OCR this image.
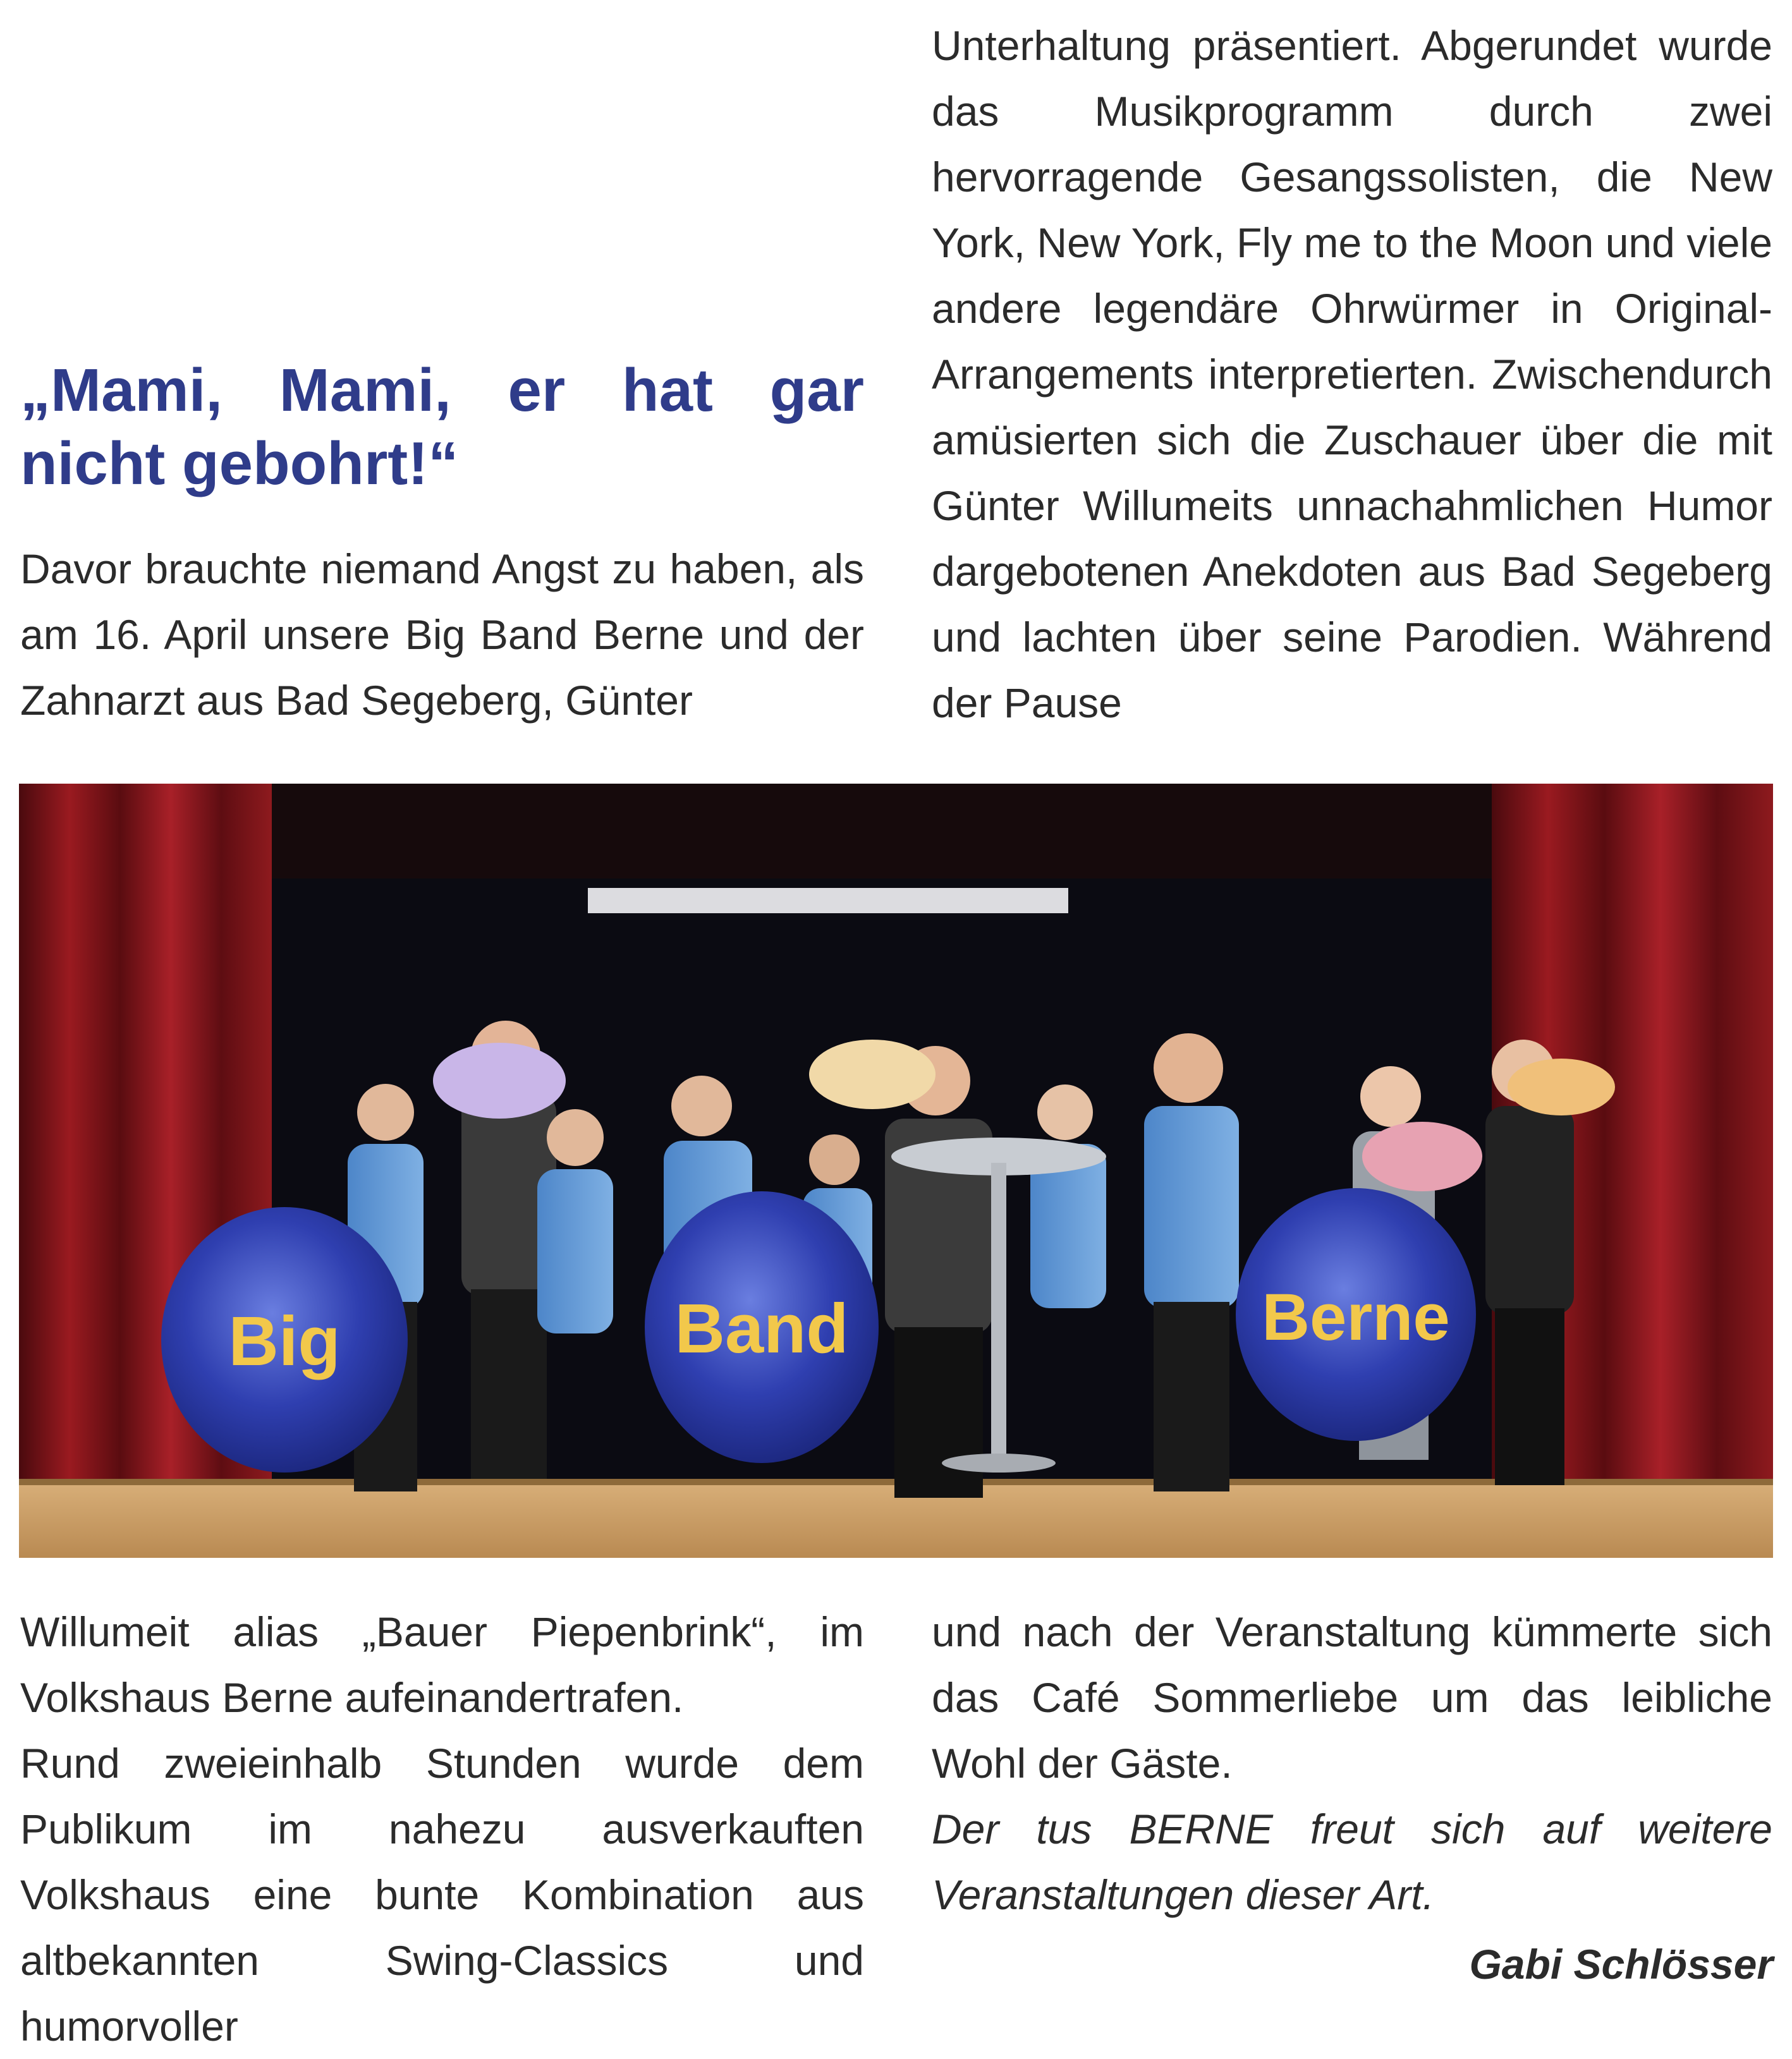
„Mami, Mami, er hat gar nicht gebohrt!“

Davor brauchte niemand Angst zu haben, als am 16. April unsere Big Band Berne und der Zahnarzt aus Bad Segeberg, Günter

Unterhaltung präsentiert. Abgerundet wurde das Musikprogramm durch zwei hervorragende Gesangssolisten, die New York, New York, Fly me to the Moon und viele andere legendäre Ohrwürmer in Original-Arrangements interpretierten. Zwischendurch amüsierten sich die Zuschauer über die mit Günter Willumeits unnachahmlichen Humor dargebotenen Anekdoten aus Bad Segeberg und lachten über seine Parodien. Während der Pause

Big	Band	Berne

Willumeit alias „Bauer Piepenbrink“, im Volkshaus Berne aufeinandertrafen.

Rund zweieinhalb Stunden wurde dem Publikum im nahezu ausverkauften Volkshaus eine bunte Kombination aus altbekannten Swing-Classics und humorvoller

und nach der Veranstaltung kümmerte sich das Café Sommerliebe um das leibliche Wohl der Gäste.

Der tus BERNE freut sich auf weitere Veranstaltungen dieser Art.

Gabi Schlösser
